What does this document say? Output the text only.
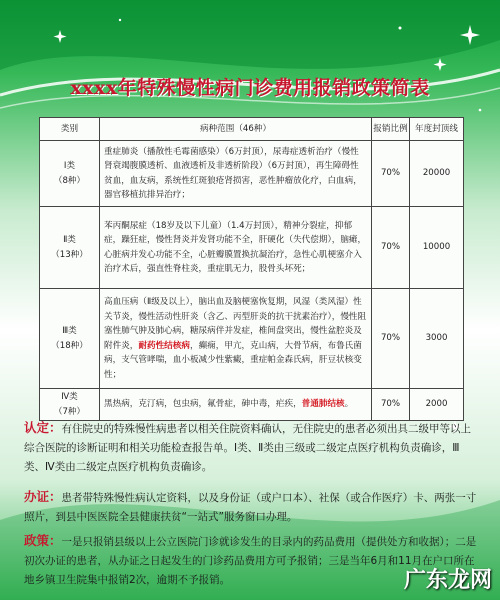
xxxx年特殊慢性病门诊费用报销政策简表
类别	病种范围（46种）	报销比例	年度封顶线

Ⅰ类
（8种）	重症肺炎（播散性毛霉菌感染）（6万封顶），尿毒症透析治疗（慢性肾衰竭腹膜透析、血液透析及非透析阶段）（6万封顶），再生障碍性贫血，血友病，系统性红斑狼疮肾损害，恶性肿瘤放化疗，白血病，器官移植抗排异治疗；	70%	20000

Ⅱ类
（13种）	苯丙酮尿症（18岁及以下儿童）（1.4万封顶），精神分裂症，抑郁症，躁狂症，慢性肾炎并发肾功能不全，肝硬化（失代偿期），脑瘫，心脏病并发心功能不全，心脏瓣膜置换抗凝治疗，急性心肌梗塞介入治疗术后，强直性脊柱炎，重症肌无力，股骨头坏死；	70%	10000

Ⅲ类
（18种）	高血压病（Ⅱ级及以上），脑出血及脑梗塞恢复期，风湿（类风湿）性关节炎，慢性活动性肝炎（含乙、丙型肝炎的抗干扰素治疗），慢性阻塞性肺气肿及肺心病，糖尿病伴并发症，椎间盘突出，慢性盆腔炎及附件炎，耐药性结核病，癫痫，甲亢，克山病，大骨节病，布鲁氏菌病，支气管哮喘，血小板减少性紫癜，重症帕金森氏病，肝豆状核变性；	70%	3000

Ⅳ类
（7种）	黑热病，克汀病，包虫病，氟骨症，砷中毒，疟疾，普通肺结核。	70%	2000
认定：有住院史的特殊慢性病患者以相关住院资料确认，无住院史的患者必须出具二级甲等以上综合医院的诊断证明和相关功能检查报告单。Ⅰ类、Ⅱ类由三级或二级定点医疗机构负责确诊，Ⅲ类、Ⅳ类由二级定点医疗机构负责确诊。
办证：患者带特殊慢性病认定资料，以及身份证（或户口本）、社保（或合作医疗）卡、两张一寸照片，到县中医医院全县健康扶贫“一站式”服务窗口办理。
政策：一是只报销县级以上公立医院门诊就诊发生的目录内的药品费用（提供处方和收据）；二是初次办证的患者，从办证之日起发生的门诊药品费用方可予报销；三是当年6月和11月在户口所在地乡镇卫生院集中报销2次，逾期不予报销。	广东龙网
